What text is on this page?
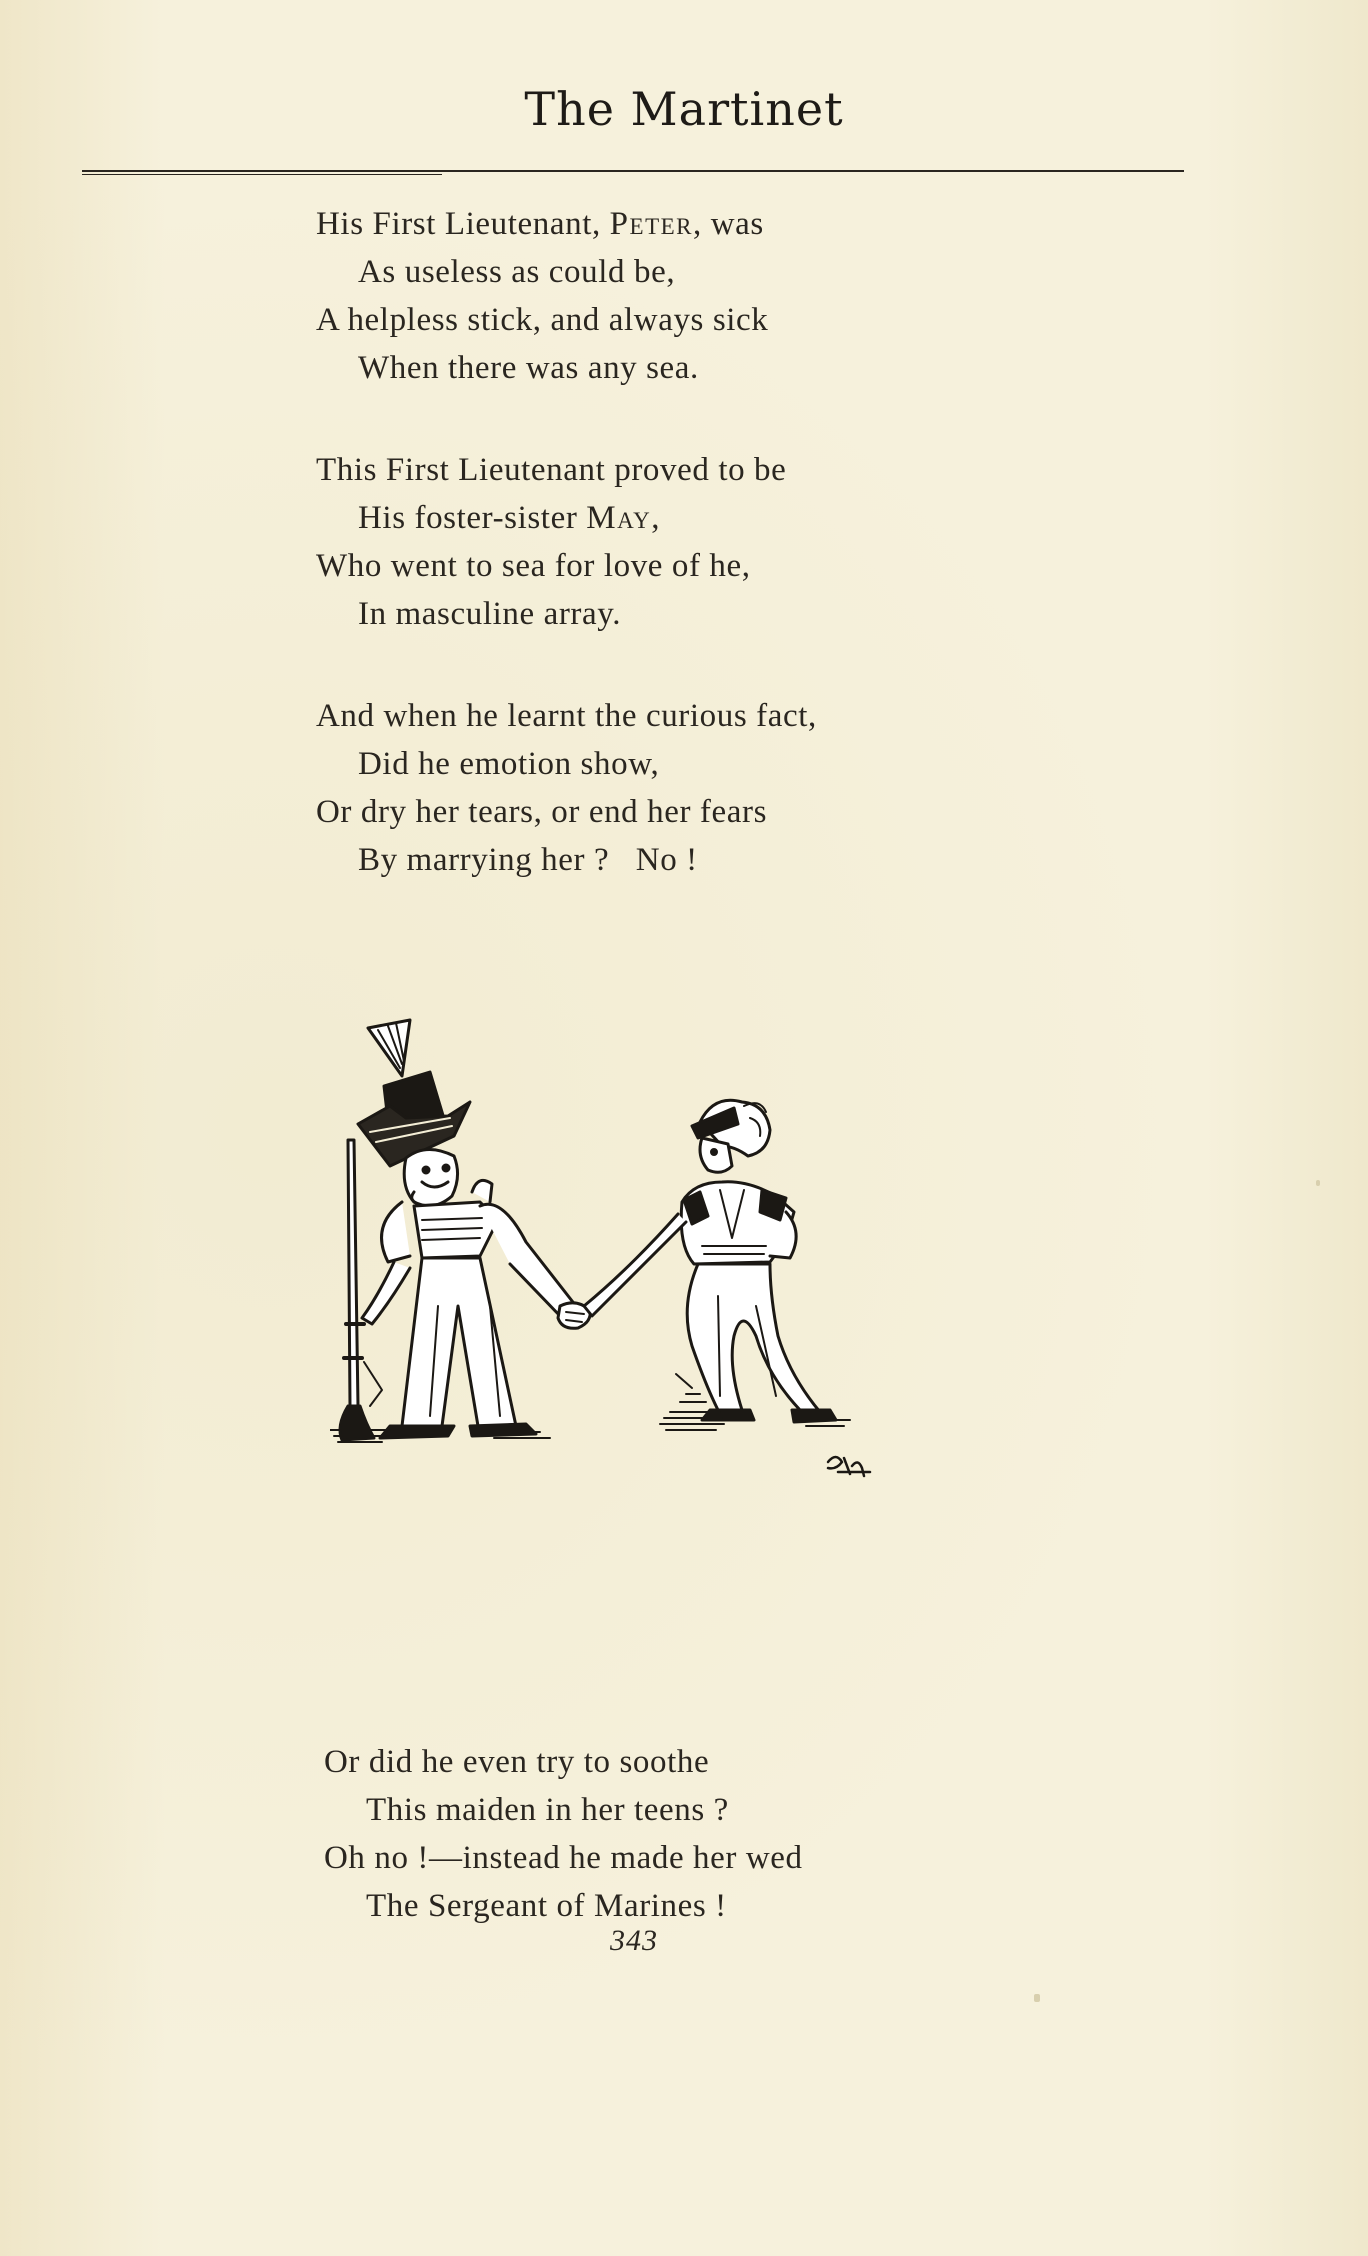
The Martinet
His First Lieutenant, Peter, was
As useless as could be,
A helpless stick, and always sick
When there was any sea.
This First Lieutenant proved to be
His foster-sister May,
Who went to sea for love of he,
In masculine array.
And when he learnt the curious fact,
Did he emotion show,
Or dry her tears, or end her fears
By marrying her ?   No !
Or did he even try to soothe
This maiden in her teens ?
Oh no !—instead he made her wed
The Sergeant of Marines !
343
